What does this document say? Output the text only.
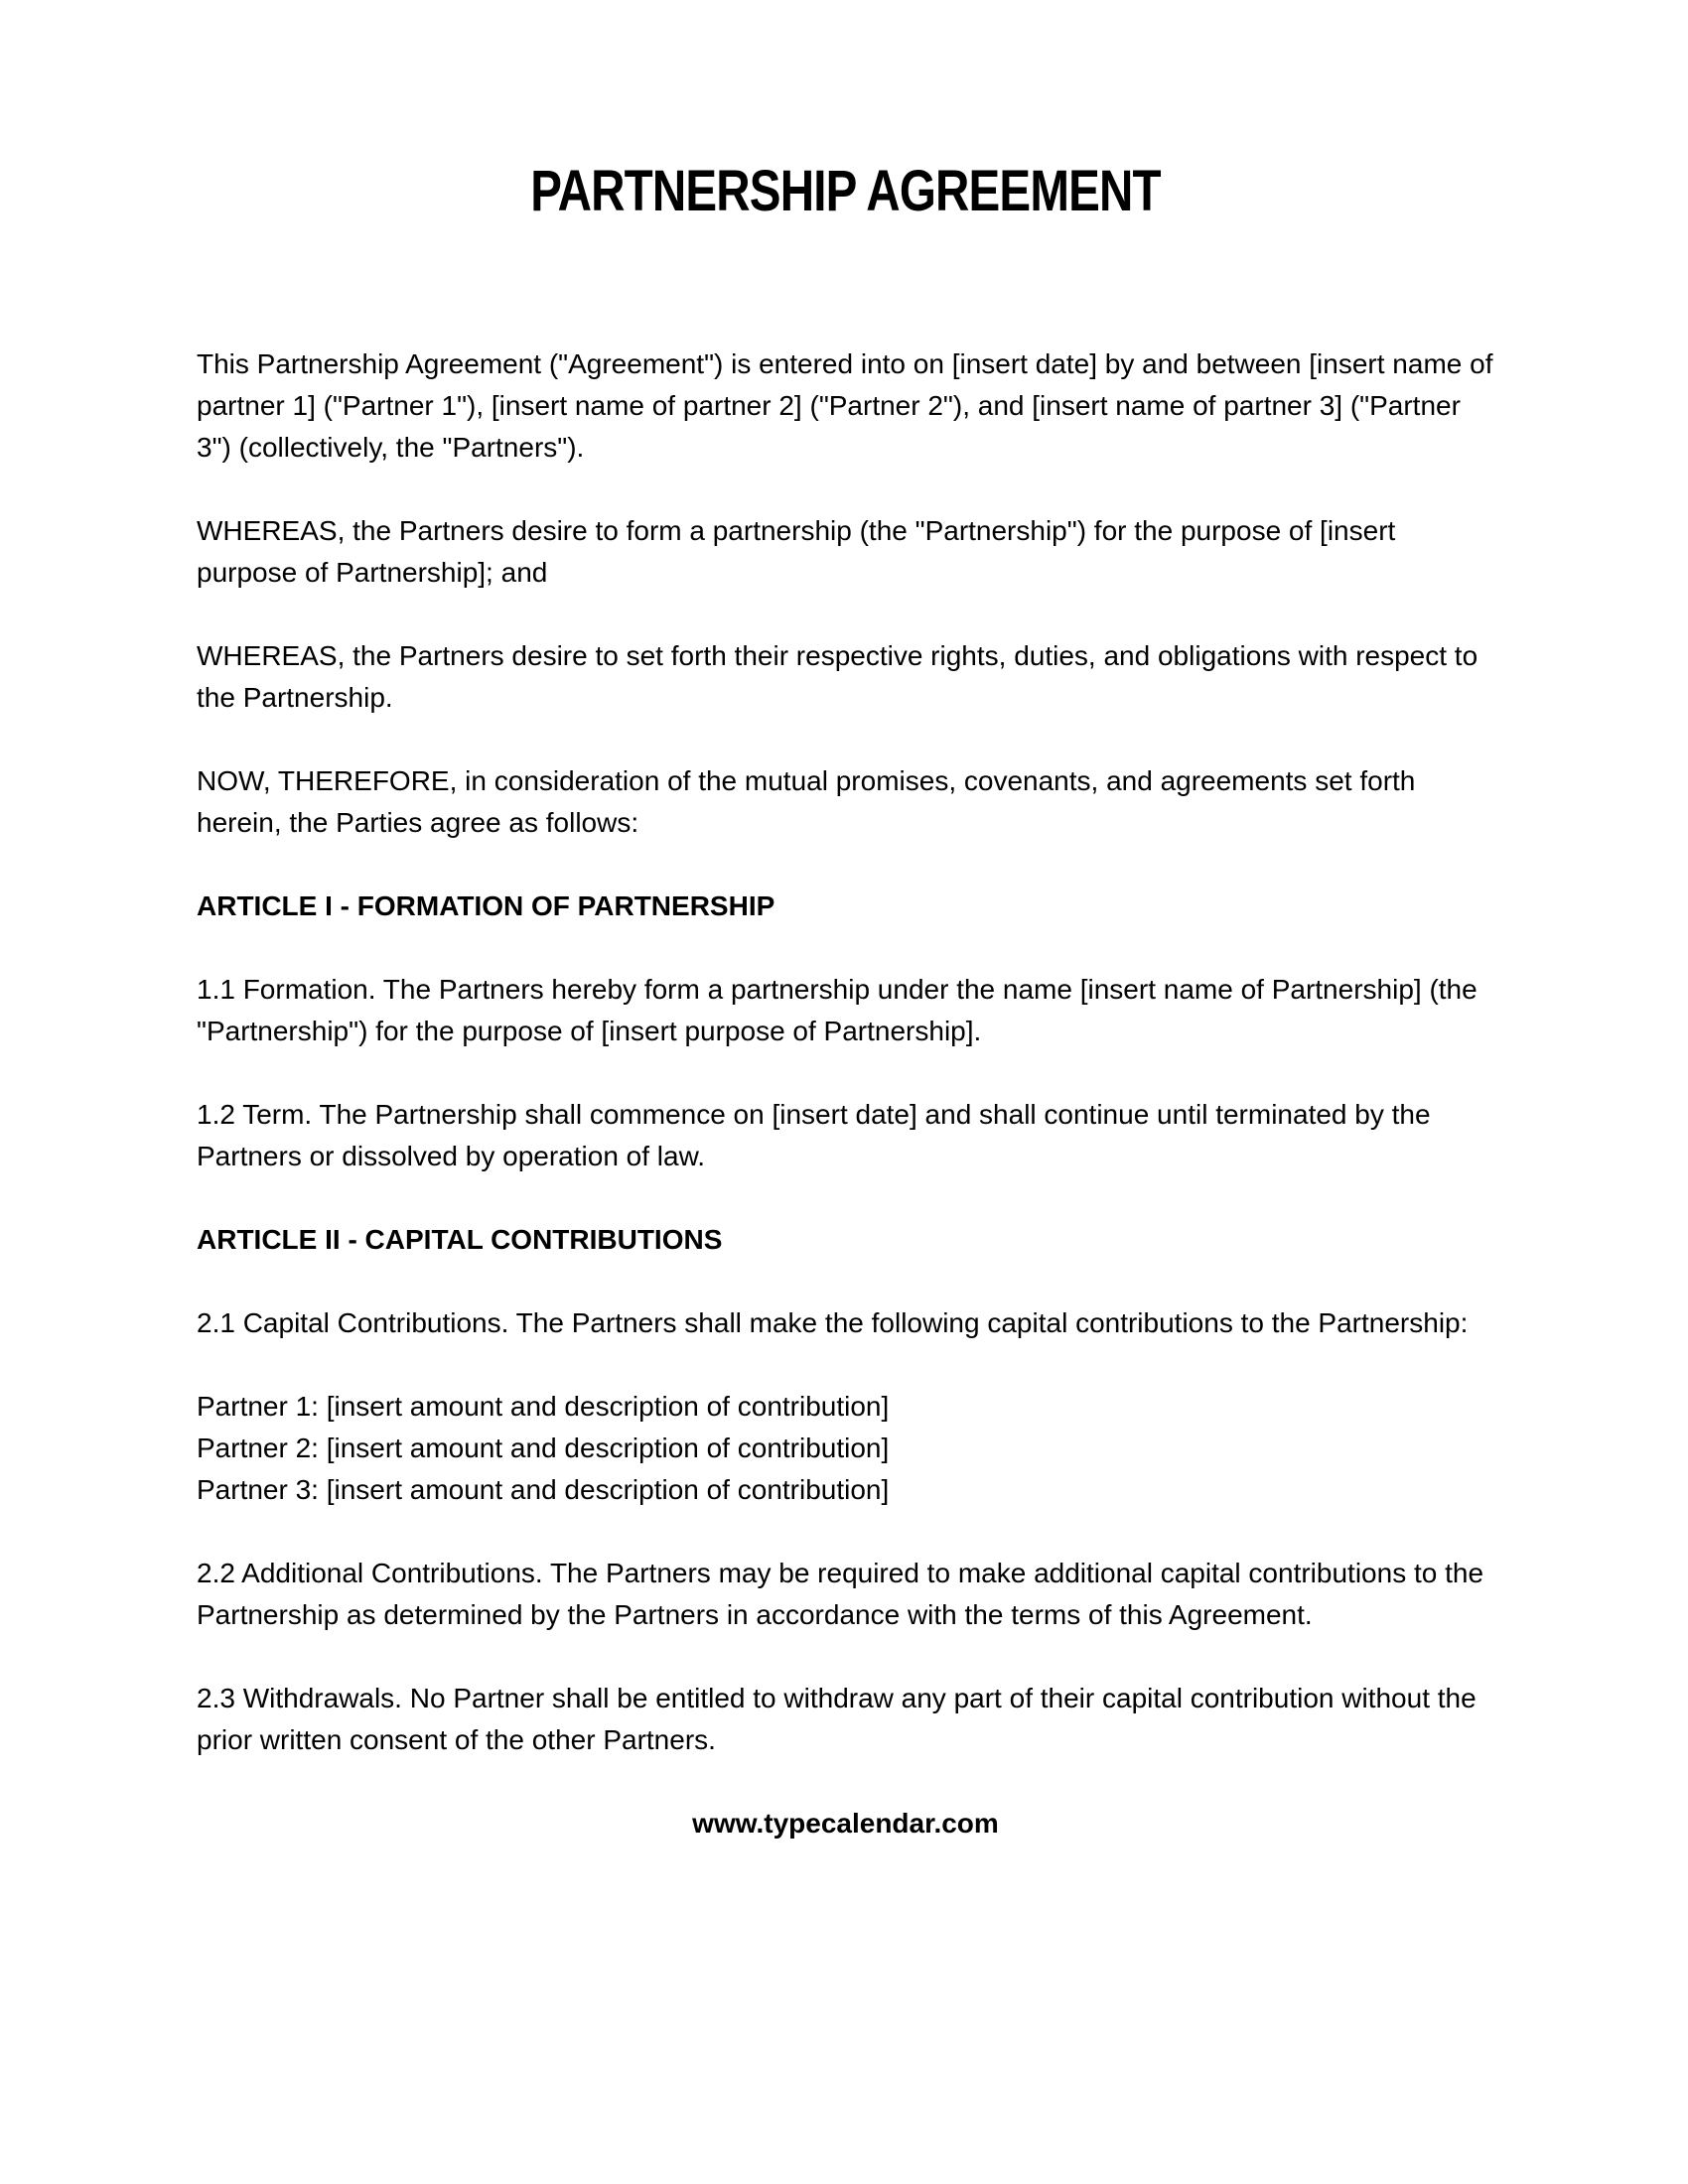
PARTNERSHIP AGREEMENT

This Partnership Agreement ("Agreement") is entered into on [insert date] by and between [insert name of partner 1] ("Partner 1"), [insert name of partner 2] ("Partner 2"), and [insert name of partner 3] ("Partner 3") (collectively, the "Partners").

WHEREAS, the Partners desire to form a partnership (the "Partnership") for the purpose of [insert purpose of Partnership]; and

WHEREAS, the Partners desire to set forth their respective rights, duties, and obligations with respect to the Partnership.

NOW, THEREFORE, in consideration of the mutual promises, covenants, and agreements set forth herein, the Parties agree as follows:

ARTICLE I - FORMATION OF PARTNERSHIP

1.1 Formation. The Partners hereby form a partnership under the name [insert name of Partnership] (the "Partnership") for the purpose of [insert purpose of Partnership].

1.2 Term. The Partnership shall commence on [insert date] and shall continue until terminated by the Partners or dissolved by operation of law.

ARTICLE II - CAPITAL CONTRIBUTIONS

2.1 Capital Contributions. The Partners shall make the following capital contributions to the Partnership:

Partner 1: [insert amount and description of contribution]
Partner 2: [insert amount and description of contribution]
Partner 3: [insert amount and description of contribution]

2.2 Additional Contributions. The Partners may be required to make additional capital contributions to the Partnership as determined by the Partners in accordance with the terms of this Agreement.

2.3 Withdrawals. No Partner shall be entitled to withdraw any part of their capital contribution without the prior written consent of the other Partners.

www.typecalendar.com
